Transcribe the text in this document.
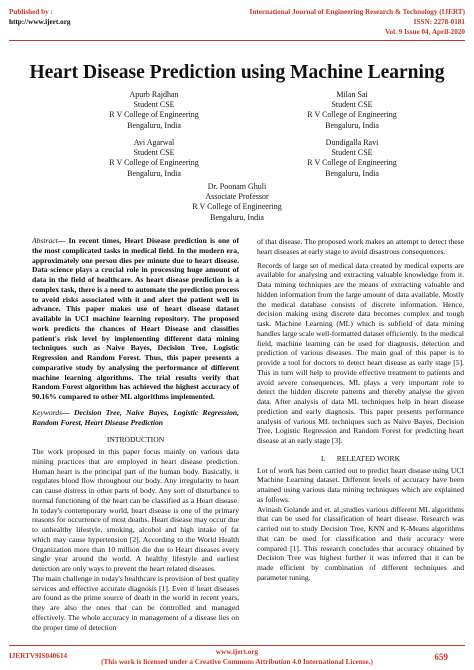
Published by :
http://www.ijert.org
International Journal of Engineering Research & Technology (IJERT)
ISSN: 2278-0181
Vol. 9 Issue 04, April-2020
Heart Disease Prediction using Machine Learning
Apurb Rajdhan
Student CSE
R V College of Engineering
Bengaluru, India
Milan Sai
Student CSE
R V College of Engineering
Bengaluru, India
Avi Agarwal
Student CSE
R V College of Engineering
Bengaluru, India
Dundigalla Ravi
Student CSE
R V College of Engineering
Bengaluru, India
Dr. Poonam Ghuli
Associate Professor
R V College of Engineering
Bengaluru, India

Abstract— In recent times, Heart Disease prediction is one of the most complicated tasks in medical field. In the modern era, approximately one person dies per minute due to heart disease. Data science plays a crucial role in processing huge amount of data in the field of healthcare. As heart disease prediction is a complex task, there is a need to automate the prediction process to avoid risks associated with it and alert the patient well in advance. This paper makes use of heart disease dataset available in UCI machine learning repository. The proposed work predicts the chances of Heart Disease and classifies patient's risk level by implementing different data mining techniques such as Naive Bayes, Decision Tree, Logistic Regression and Random Forest. Thus, this paper presents a comparative study by analysing the performance of different machine learning algorithms. The trial results verify that Random Forest algorithm has achieved the highest accuracy of 90.16% compared to other ML algorithms implemented.

Keywords— Decision Tree, Naive Bayes, Logistic Regression, Random Forest, Heart Disease Prediction

INTRODUCTION

The work proposed in this paper focus mainly on various data mining practices that are employed in heart disease prediction. Human heart is the principal part of the human body. Basically, it regulates blood flow throughout our body. Any irregularity to heart can cause distress in other parts of body. Any sort of disturbance to normal functioning of the heart can be classified as a Heart disease. In today's contemporary world, heart disease is one of the primary reasons for occurrence of most deaths. Heart disease may occur due to unhealthy lifestyle, smoking, alcohol and high intake of fat which may cause hypertension [2]. According to the World Health Organization more than 10 million die due to Heart diseases every single year around the world. A healthy lifestyle and earliest detection are only ways to prevent the heart related diseases.

The main challenge in today's healthcare is provision of best quality services and effective accurate diagnosis [1]. Even if heart diseases are found as the prime source of death in the world in recent years, they are also the ones that can be controlled and managed effectively. The whole accuracy in management of a disease lies on the proper time of detection

of that disease. The proposed work makes an attempt to detect these heart diseases at early stage to avoid disastrous consequences.

Records of large set of medical data created by medical experts are available for analysing and extracting valuable knowledge from it. Data mining techniques are the means of extracting valuable and hidden information from the large amount of data available. Mostly the medical database consists of discrete information. Hence, decision making using discrete data becomes complex and tough task. Machine Learning (ML) which is subfield of data mining handles large scale well-formatted dataset efficiently. In the medical field, machine learning can be used for diagnosis, detection and prediction of various diseases. The main goal of this paper is to provide a tool for doctors to detect heart disease as early stage [5]. This in turn will help to provide effective treatment to patients and avoid severe consequences. ML plays a very important role to detect the hidden discrete patterns and thereby analyse the given data. After analysis of data ML techniques help in heart disease prediction and early diagnosis. This paper presents performance analysis of various ML techniques such as Naive Bayes, Decision Tree, Logistic Regression and Random Forest for predicting heart disease at an early stage [3].

I. RELEATED WORK

Lot of work has been carried out to predict heart disease using UCI Machine Learning dataset. Different levels of accuracy have been attained using various data mining techniques which are explained as follows.

Avinash Golande and et. al.;studies various different ML algorithms that can be used for classification of heart disease. Research was carried out to study Decision Tree, KNN and K-Means algorithms that can be used for classification and their accuracy were compared [1]. This research concludes that accuracy obtained by Decision Tree was highest further it was inferred that it can be made efficient by combination of different techniques and parameter tuning.

IJERTV9IS040614	www.ijert.org
(This work is licensed under a Creative Commons Attribution 4.0 International License.)	659
